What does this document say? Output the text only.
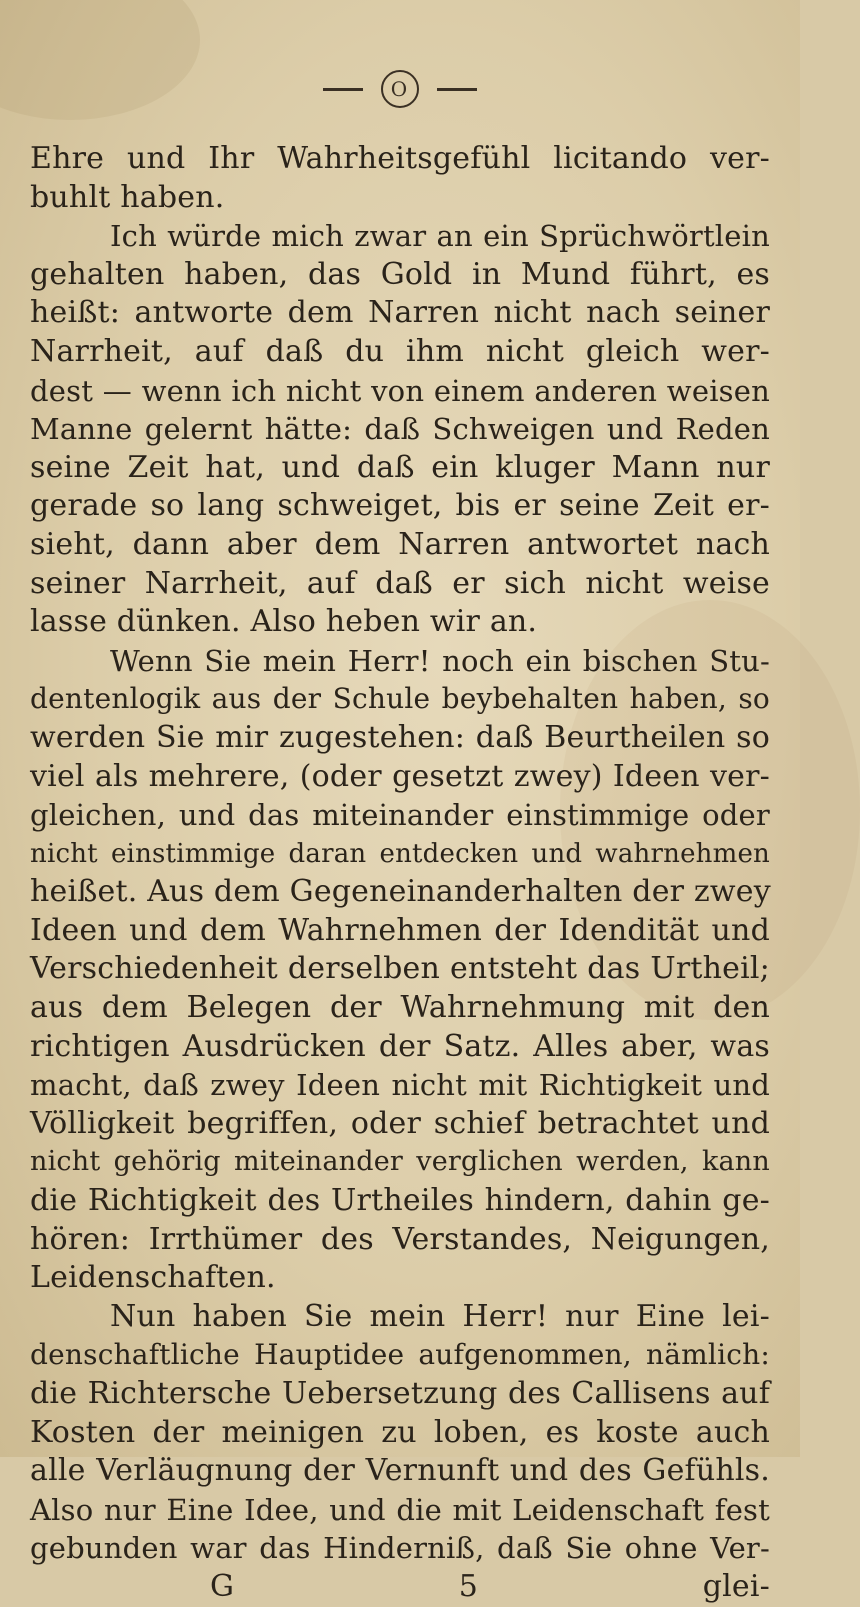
O
Ehre und Ihr Wahrheitsgefühl licitando ver-
buhlt haben.
Ich würde mich zwar an ein Sprüchwörtlein
gehalten haben, das Gold in Mund führt, es
heißt: antworte dem Narren nicht nach seiner
Narrheit, auf daß du ihm nicht gleich wer-
dest — wenn ich nicht von einem anderen weisen
Manne gelernt hätte: daß Schweigen und Reden
seine Zeit hat, und daß ein kluger Mann nur
gerade so lang schweiget, bis er seine Zeit er-
sieht, dann aber dem Narren antwortet nach
seiner Narrheit, auf daß er sich nicht weise
lasse dünken. Also heben wir an.
Wenn Sie mein Herr! noch ein bischen Stu-
dentenlogik aus der Schule beybehalten haben, so
werden Sie mir zugestehen: daß Beurtheilen so
viel als mehrere, (oder gesetzt zwey) Ideen ver-
gleichen, und das miteinander einstimmige oder
nicht einstimmige daran entdecken und wahrnehmen
heißet. Aus dem Gegeneinanderhalten der zwey
Ideen und dem Wahrnehmen der Idendität und
Verschiedenheit derselben entsteht das Urtheil;
aus dem Belegen der Wahrnehmung mit den
richtigen Ausdrücken der Satz. Alles aber, was
macht, daß zwey Ideen nicht mit Richtigkeit und
Völligkeit begriffen, oder schief betrachtet und
nicht gehörig miteinander verglichen werden, kann
die Richtigkeit des Urtheiles hindern, dahin ge-
hören: Irrthümer des Verstandes, Neigungen,
Leidenschaften.
Nun haben Sie mein Herr! nur Eine lei-
denschaftliche Hauptidee aufgenommen, nämlich:
die Richtersche Uebersetzung des Callisens auf
Kosten der meinigen zu loben, es koste auch
alle Verläugnung der Vernunft und des Gefühls.
Also nur Eine Idee, und die mit Leidenschaft fest
gebunden war das Hinderniß, daß Sie ohne Ver-
G 5	glei-
